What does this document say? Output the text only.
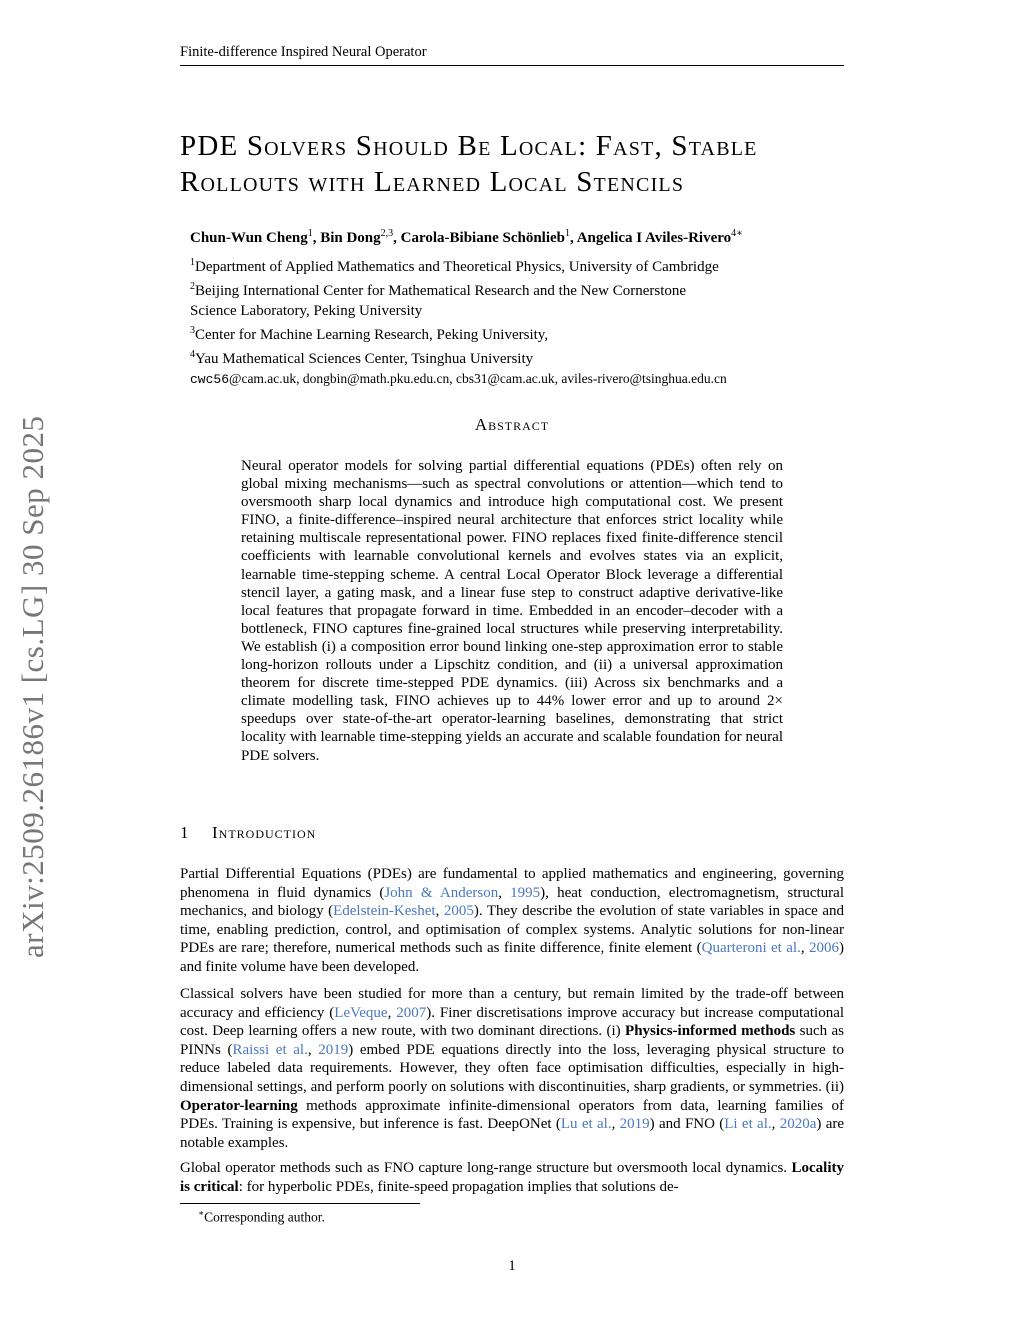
Finite-difference Inspired Neural Operator
arXiv:2509.26186v1 [cs.LG] 30 Sep 2025
PDE Solvers Should Be Local: Fast, Stable Rollouts with Learned Local Stencils
Chun-Wun Cheng$^1$, Bin Dong$^{2,3}$, Carola-Bibiane Schönlieb$^1$, Angelica I Aviles-Rivero$^{4∗}$
$^1$Department of Applied Mathematics and Theoretical Physics, University of Cambridge
$^2$Beijing International Center for Mathematical Research and the New Cornerstone
Science Laboratory, Peking University
$^3$Center for Machine Learning Research, Peking University,
$^4$Yau Mathematical Sciences Center, Tsinghua University
cwc56@cam.ac.uk, dongbin@math.pku.edu.cn, cbs31@cam.ac.uk, aviles-rivero@tsinghua.edu.cn
Abstract

Neural operator models for solving partial differential equations (PDEs) often rely on global mixing mechanisms—such as spectral convolutions or attention—which tend to oversmooth sharp local dynamics and introduce high computational cost. We present FINO, a finite-difference–inspired neural architecture that enforces strict locality while retaining multiscale representational power. FINO replaces fixed finite-difference stencil coefficients with learnable convolutional kernels and evolves states via an explicit, learnable time-stepping scheme. A central Local Operator Block leverage a differential stencil layer, a gating mask, and a linear fuse step to construct adaptive derivative-like local features that propagate forward in time. Embedded in an encoder–decoder with a bottleneck, FINO captures fine-grained local structures while preserving interpretability. We establish (i) a composition error bound linking one-step approximation error to stable long-horizon rollouts under a Lipschitz condition, and (ii) a universal approximation theorem for discrete time-stepped PDE dynamics. (iii) Across six benchmarks and a climate modelling task, FINO achieves up to 44% lower error and up to around 2× speedups over state-of-the-art operator-learning baselines, demonstrating that strict locality with learnable time-stepping yields an accurate and scalable foundation for neural PDE solvers.

1 Introduction

Partial Differential Equations (PDEs) are fundamental to applied mathematics and engineering, governing phenomena in fluid dynamics (John & Anderson, 1995), heat conduction, electromagnetism, structural mechanics, and biology (Edelstein-Keshet, 2005). They describe the evolution of state variables in space and time, enabling prediction, control, and optimisation of complex systems. Analytic solutions for non-linear PDEs are rare; therefore, numerical methods such as finite difference, finite element (Quarteroni et al., 2006) and finite volume have been developed.

Classical solvers have been studied for more than a century, but remain limited by the trade-off between accuracy and efficiency (LeVeque, 2007). Finer discretisations improve accuracy but increase computational cost. Deep learning offers a new route, with two dominant directions. (i) Physics-informed methods such as PINNs (Raissi et al., 2019) embed PDE equations directly into the loss, leveraging physical structure to reduce labeled data requirements. However, they often face optimisation difficulties, especially in high-dimensional settings, and perform poorly on solutions with discontinuities, sharp gradients, or symmetries. (ii) Operator-learning methods approximate infinite-dimensional operators from data, learning families of PDEs. Training is expensive, but inference is fast. DeepONet (Lu et al., 2019) and FNO (Li et al., 2020a) are notable examples.

Global operator methods such as FNO capture long-range structure but oversmooth local dynamics. Locality is critical: for hyperbolic PDEs, finite-speed propagation implies that solutions de-

∗Corresponding author.
1
